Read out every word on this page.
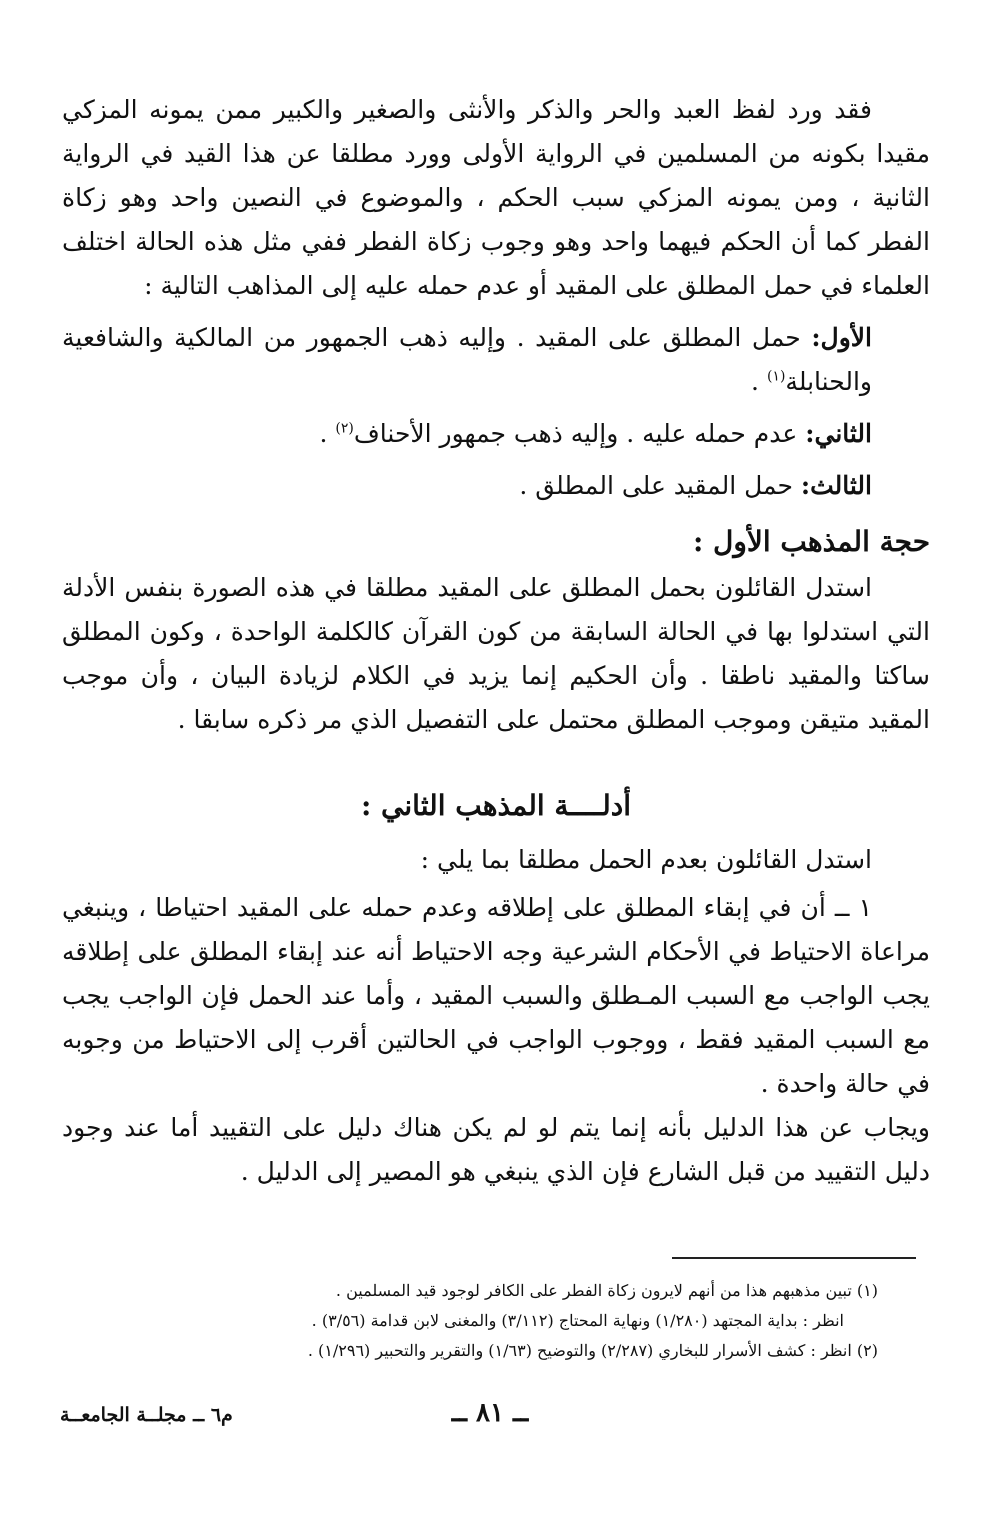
فقد ورد لفظ العبد والحر والذكر والأنثى والصغير والكبير ممن يمونه المزكي مقيدا بكونه من المسلمين في الرواية الأولى وورد مطلقا عن هذا القيد في الرواية الثانية ، ومن يمونه المزكي سبب الحكم ، والموضوع في النصين واحد وهو زكاة الفطر كما أن الحكم فيهما واحد وهو وجوب زكاة الفطر ففي مثل هذه الحالة اختلف العلماء في حمل المطلق على المقيد أو عدم حمله عليه إلى المذاهب التالية :

الأول: حمل المطلق على المقيد . وإليه ذهب الجمهور من المالكية والشافعية والحنابلة$^{(١)}$ .

الثاني: عدم حمله عليه . وإليه ذهب جمهور الأحناف$^{(٢)}$ .

الثالث: حمل المقيد على المطلق .

حجة المذهب الأول :

استدل القائلون بحمل المطلق على المقيد مطلقا في هذه الصورة بنفس الأدلة التي استدلوا بها في الحالة السابقة من كون القرآن كالكلمة الواحدة ، وكون المطلق ساكتا والمقيد ناطقا . وأن الحكيم إنما يزيد في الكلام لزيادة البيان ، وأن موجب المقيد متيقن وموجب المطلق محتمل على التفصيل الذي مر ذكره سابقا .

أدلــــة المذهب الثاني :

استدل القائلون بعدم الحمل مطلقا بما يلي :

١ ــ أن في إبقاء المطلق على إطلاقه وعدم حمله على المقيد احتياطا ، وينبغي مراعاة الاحتياط في الأحكام الشرعية وجه الاحتياط أنه عند إبقاء المطلق على إطلاقه يجب الواجب مع السبب المـطلق والسبب المقيد ، وأما عند الحمل فإن الواجب يجب مع السبب المقيد فقط ، ووجوب الواجب في الحالتين أقرب إلى الاحتياط من وجوبه في حالة واحدة .

ويجاب عن هذا الدليل بأنه إنما يتم لو لم يكن هناك دليل على التقييد أما عند وجود دليل التقييد من قبل الشارع فإن الذي ينبغي هو المصير إلى الدليل .

(١) تبين مذهبهم هذا من أنهم لايرون زكاة الفطر على الكافر لوجود قيد المسلمين .

انظر : بداية المجتهد (١/٢٨٠) ونهاية المحتاج (٣/١١٢) والمغنى لابن قدامة (٣/٥٦) .

(٢) انظر : كشف الأسرار للبخاري (٢/٢٨٧) والتوضيح (١/٦٣) والتقرير والتحبير (١/٢٩٦) .

ــ ٨١ ــ
م٦ ــ مجلــة الجامعــة
